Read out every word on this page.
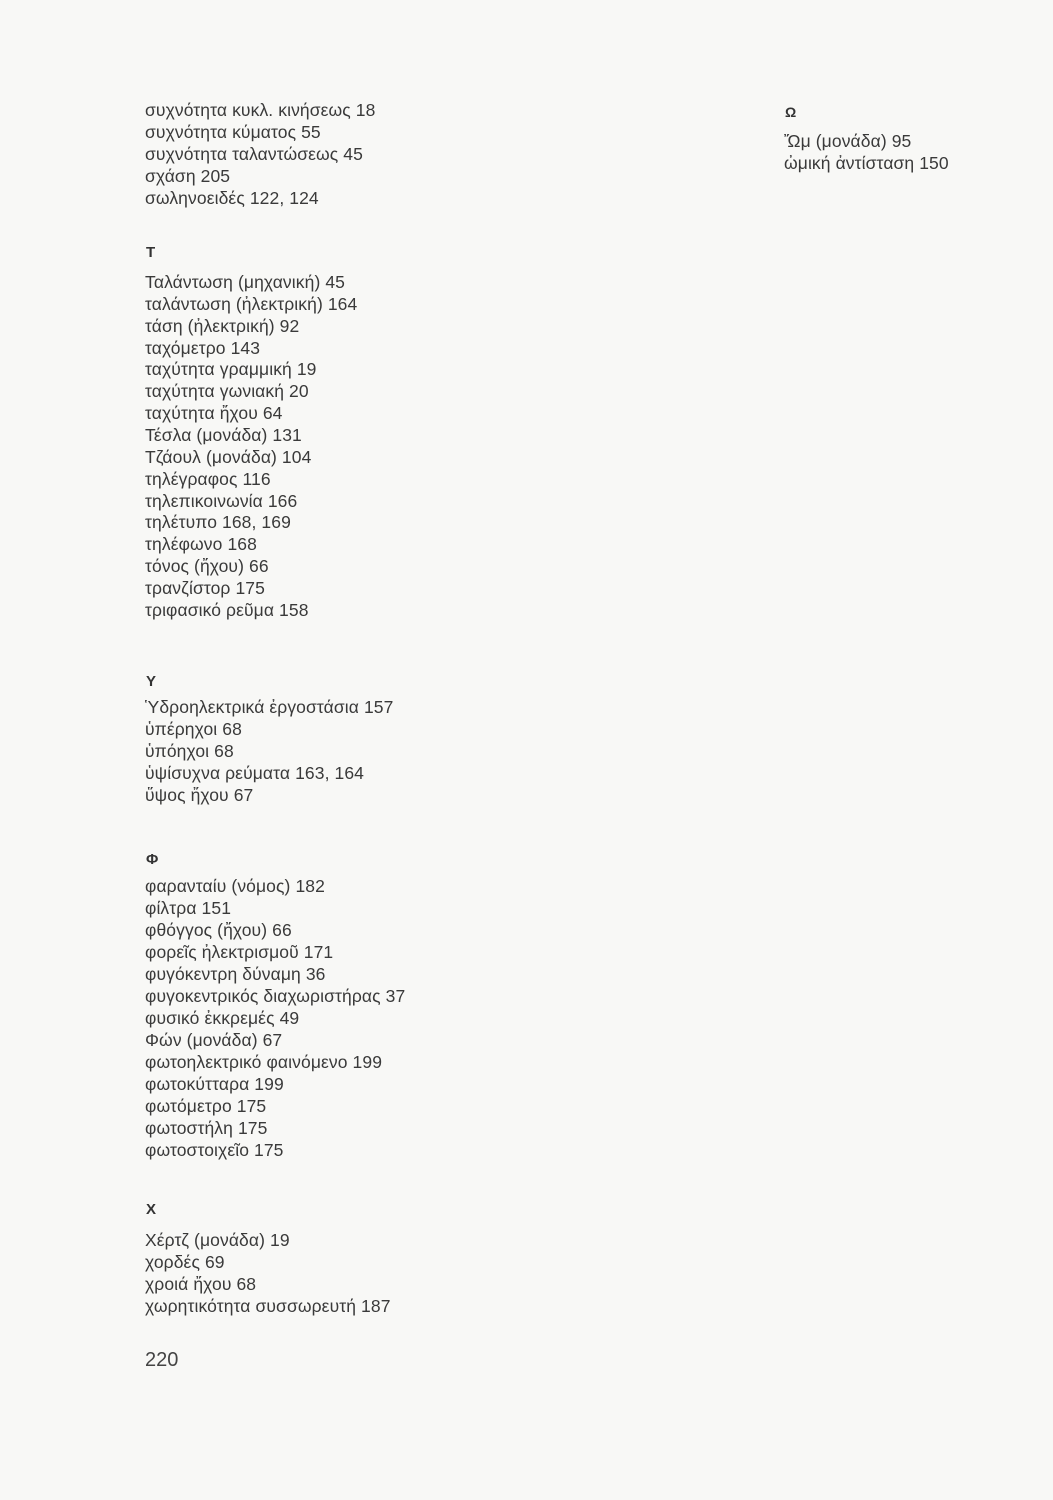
συχνότητα κυκλ. κινήσεως 18
συχνότητα κύματος 55
συχνότητα ταλαντώσεως 45
σχάση 205
σωληνοειδές 122, 124
Τ
Ταλάντωση (μηχανική) 45
ταλάντωση (ἠλεκτρική) 164
τάση (ἠλεκτρική) 92
ταχόμετρο 143
ταχύτητα γραμμική 19
ταχύτητα γωνιακή 20
ταχύτητα ἤχου 64
Τέσλα (μονάδα) 131
Τζάουλ (μονάδα) 104
τηλέγραφος 116
τηλεπικοινωνία 166
τηλέτυπο 168, 169
τηλέφωνο 168
τόνος (ἤχου) 66
τρανζίστορ 175
τριφασικό ρεῦμα 158
Υ
Ὑδροηλεκτρικά ἐργοστάσια 157
ὑπέρηχοι 68
ὑπόηχοι 68
ὑψίσυχνα ρεύματα 163, 164
ὕψος ἤχου 67
Φ
φαρανταίυ (νόμος) 182
φίλτρα 151
φθόγγος (ἤχου) 66
φορεῖς ἠλεκτρισμοῦ 171
φυγόκεντρη δύναμη 36
φυγοκεντρικός διαχωριστήρας 37
φυσικό ἐκκρεμές 49
Φών (μονάδα) 67
φωτοηλεκτρικό φαινόμενο 199
φωτοκύτταρα 199
φωτόμετρο 175
φωτοστήλη 175
φωτοστοιχεῖο 175
Χ
Χέρτζ (μονάδα) 19
χορδές 69
χροιά ἤχου 68
χωρητικότητα συσσωρευτή 187
Ω
Ὤμ (μονάδα) 95
ὠμική ἀντίσταση 150
220
